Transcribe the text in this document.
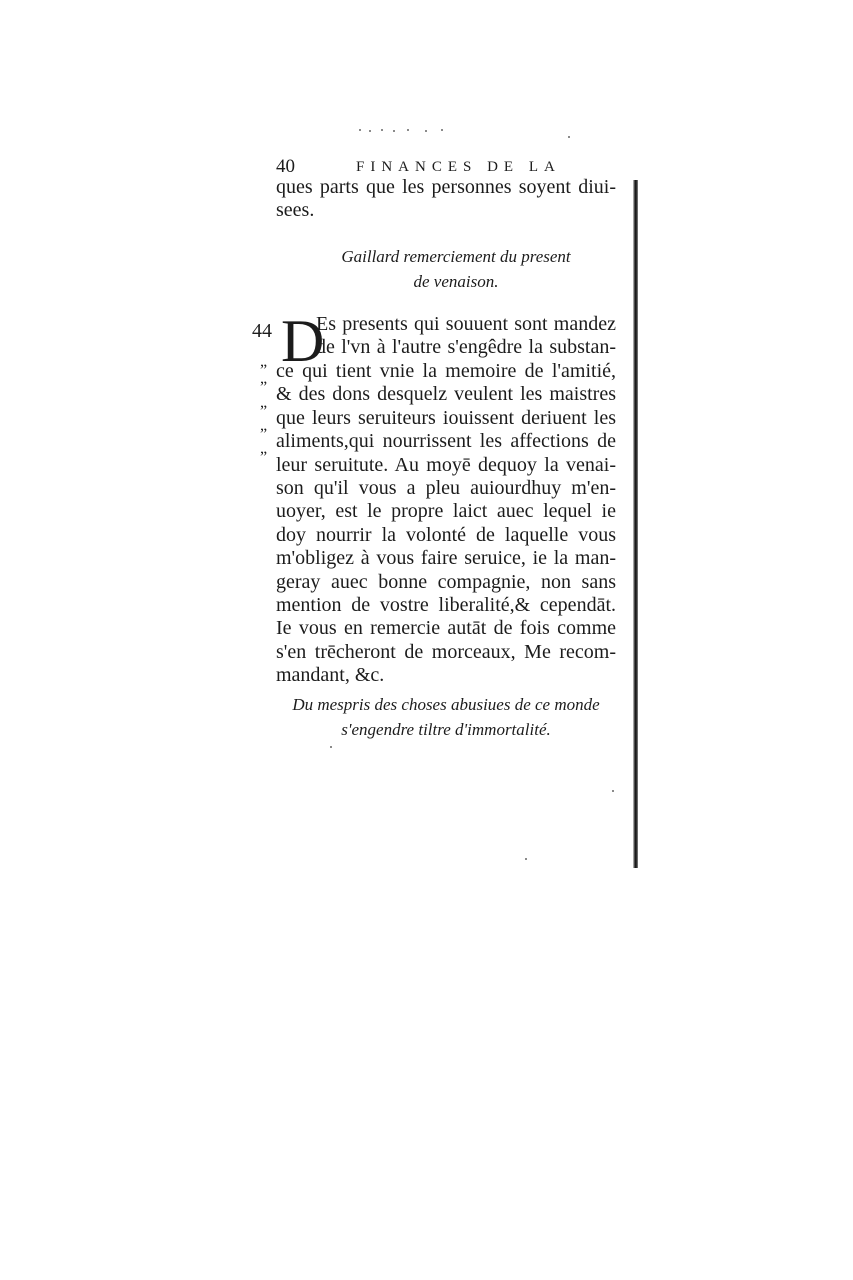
40	FINANCES DE LA
ques parts que les personnes soyent diui-
sees.
Gaillard remerciement du present
de venaison.
44 D
”
”
”
”
”
Es presents qui souuent sont mandez
de l'vn à l'autre s'engêdre la substan-
ce qui tient vnie la memoire de l'amitié,
& des dons desquelz veulent les maistres
que leurs seruiteurs iouissent deriuent les
aliments,qui nourrissent les affections de
leur seruitute. Au moyē dequoy la venai-
son qu'il vous a pleu auiourdhuy m'en-
uoyer, est le propre laict auec lequel ie
doy nourrir la volonté de laquelle vous
m'obligez à vous faire seruice, ie la man-
geray auec bonne compagnie, non sans
mention de vostre liberalité,& cependāt.
Ie vous en remercie autāt de fois comme
s'en trēcheront de morceaux, Me recom-
mandant, &c.
Du mespris des choses abusiues de ce monde
s'engendre tiltre d'immortalité.
